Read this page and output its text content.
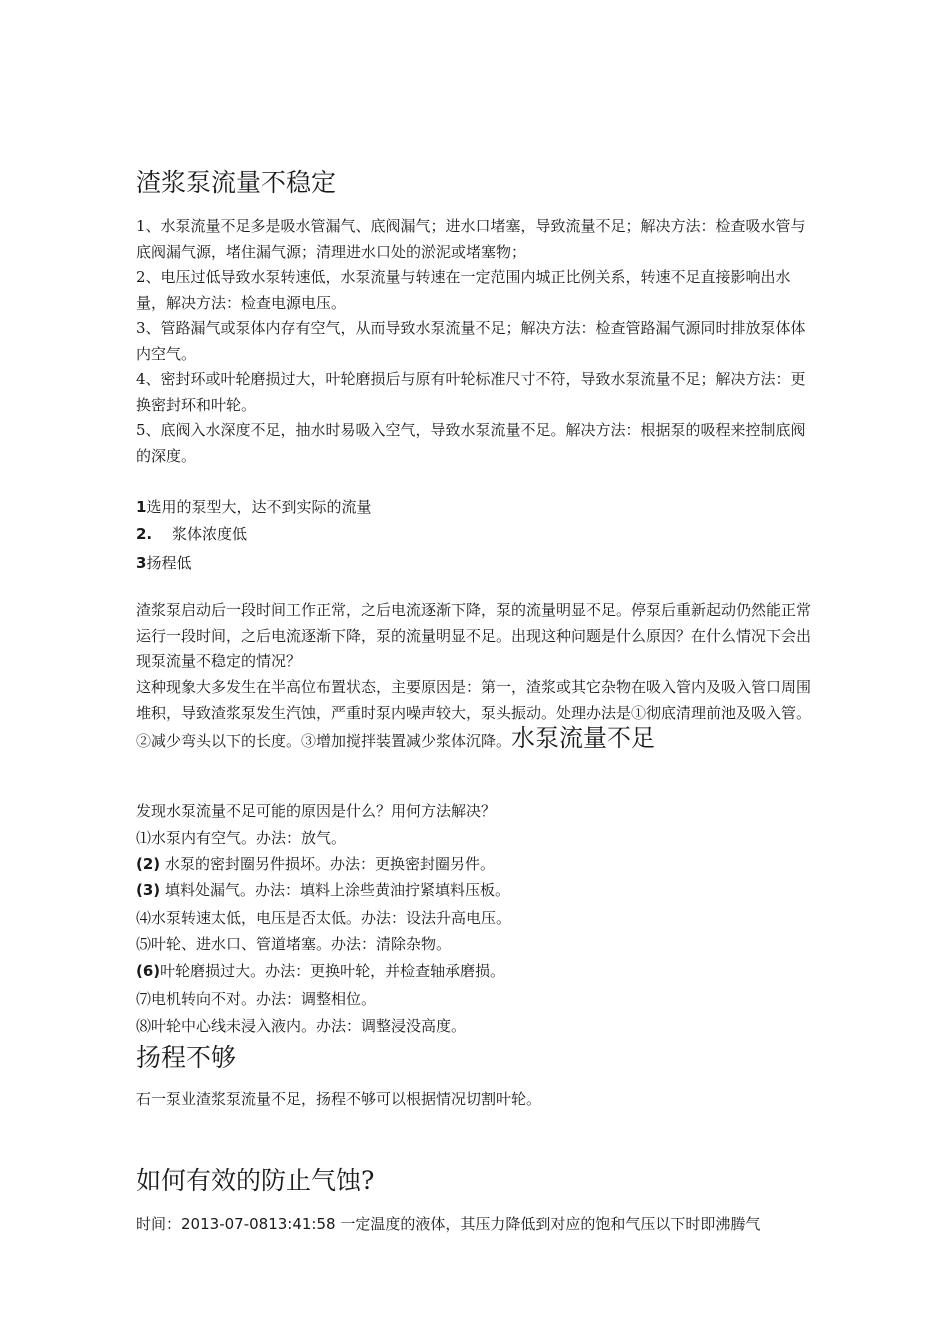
渣浆泵流量不稳定
1、水泵流量不足多是吸水管漏气、底阀漏气；进水口堵塞，导致流量不足；解决方法：检查吸水管与底阀漏气源，堵住漏气源；清理进水口处的淤泥或堵塞物；
2、电压过低导致水泵转速低，水泵流量与转速在一定范围内城正比例关系，转速不足直接影响出水量，解决方法：检查电源电压。
3、管路漏气或泵体内存有空气，从而导致水泵流量不足；解决方法：检查管路漏气源同时排放泵体体内空气。
4、密封环或叶轮磨损过大，叶轮磨损后与原有叶轮标准尺寸不符，导致水泵流量不足；解决方法：更换密封环和叶轮。
5、底阀入水深度不足，抽水时易吸入空气，导致水泵流量不足。解决方法：根据泵的吸程来控制底阀的深度。
1选用的泵型大，达不到实际的流量
2. 浆体浓度低
3扬程低
渣浆泵启动后一段时间工作正常，之后电流逐渐下降，泵的流量明显不足。停泵后重新起动仍然能正常运行一段时间，之后电流逐渐下降，泵的流量明显不足。出现这种问题是什么原因？在什么情况下会出现泵流量不稳定的情况？
这种现象大多发生在半高位布置状态，主要原因是：第一，渣浆或其它杂物在吸入管内及吸入管口周围堆积，导致渣浆泵发生汽蚀，严重时泵内噪声较大，泵头振动。处理办法是①彻底清理前池及吸入管。②减少弯头以下的长度。③增加搅拌装置减少浆体沉降。水泵流量不足
发现水泵流量不足可能的原因是什么？用何方法解决？
⑴水泵内有空气。办法：放气。
(2) 水泵的密封圈另件损坏。办法：更换密封圈另件。
(3) 填料处漏气。办法：填料上涂些黄油拧紧填料压板。
⑷水泵转速太低，电压是否太低。办法：设法升高电压。
⑸叶轮、进水口、管道堵塞。办法：清除杂物。
(6)叶轮磨损过大。办法：更换叶轮，并检查轴承磨损。
⑺电机转向不对。办法：调整相位。
⑻叶轮中心线未浸入液内。办法：调整浸没高度。
扬程不够
石一泵业渣浆泵流量不足，扬程不够可以根据情况切割叶轮。
如何有效的防止气蚀?
时间：2013-07-0813:41:58 一定温度的液体，其压力降低到对应的饱和气压以下时即沸腾气
